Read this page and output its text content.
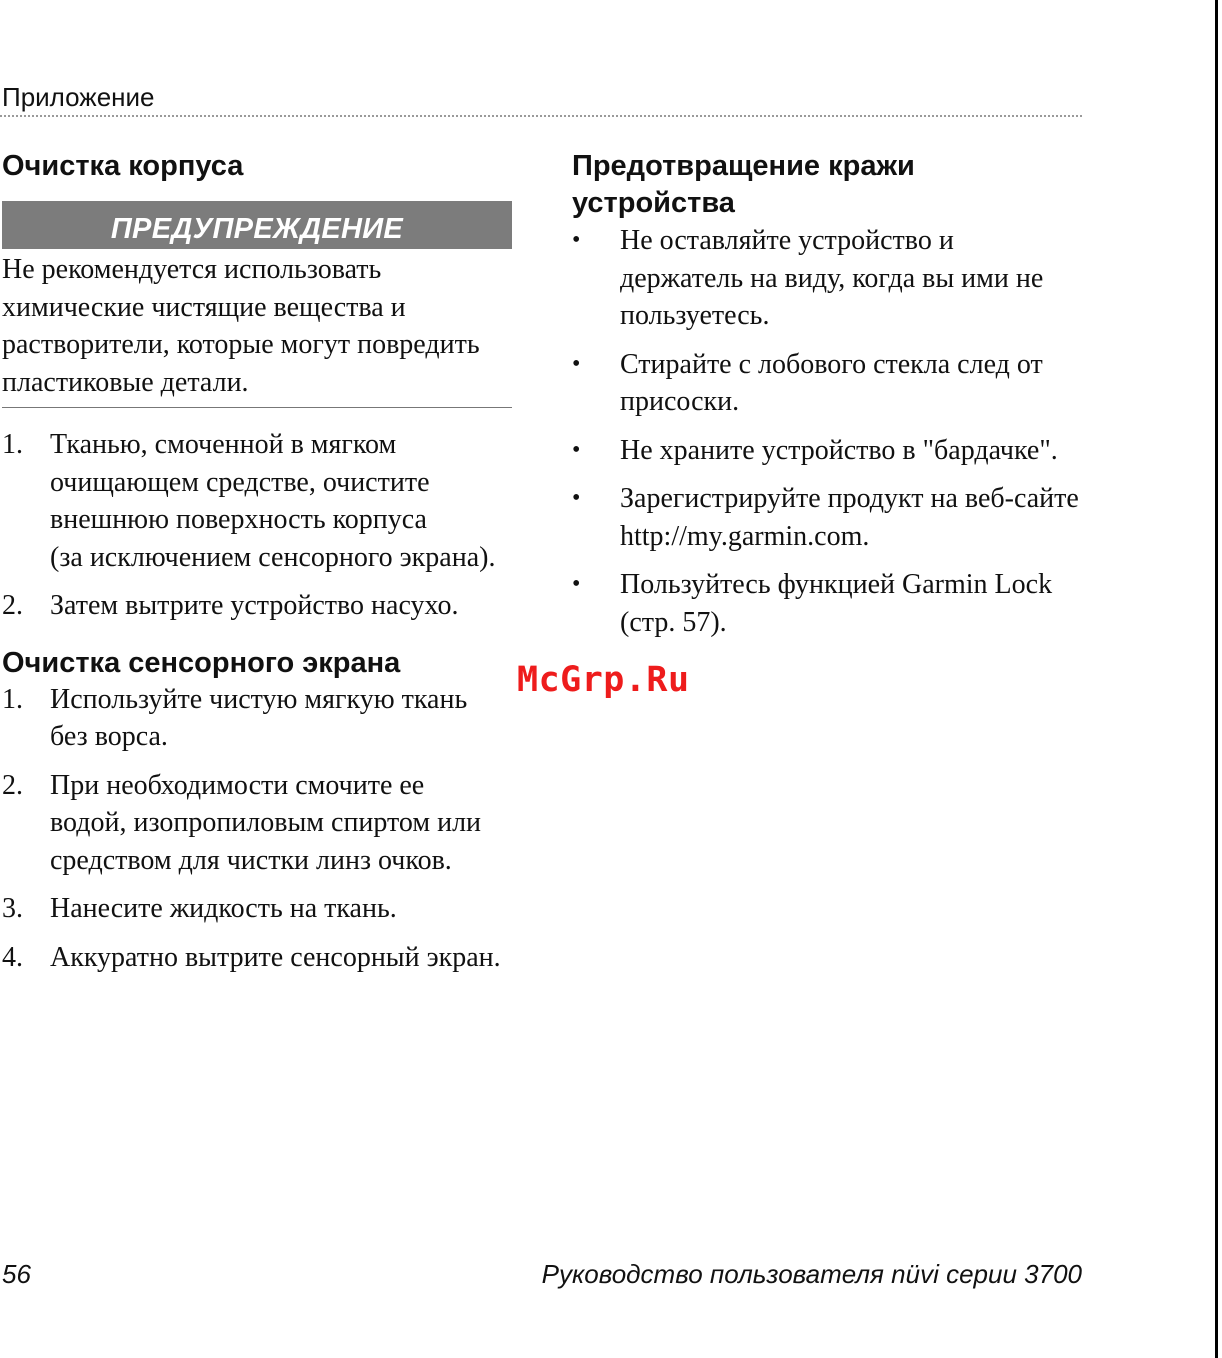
Приложение
Очистка корпуса
ПРЕДУПРЕЖДЕНИЕ

Не рекомендуется использовать
химические чистящие вещества и
растворители, которые могут повредить
пластиковые детали.

1. Тканью, смоченной в мягком
очищающем средстве, очистите
внешнюю поверхность корпуса
(за исключением сенсорного экрана).
2. Затем вытрите устройство насухо.
Очистка сенсорного экрана
1. Используйте чистую мягкую ткань
без ворса.
2. При необходимости смочите ее
водой, изопропиловым спиртом или
средством для чистки линз очков.
3. Нанесите жидкость на ткань.
4. Аккуратно вытрите сенсорный экран.
Предотвращение кражи
устройства
• Не оставляйте устройство и
держатель на виду, когда вы ими не
пользуетесь.
• Стирайте с лобового стекла след от
присоски.
• Не храните устройство в "бардачке".
• Зарегистрируйте продукт на веб-сайте
http://my.garmin.com.
• Пользуйтесь функцией Garmin Lock
(стр. 57).
McGrp.Ru
56	Руководство пользователя nüvi серии 3700
